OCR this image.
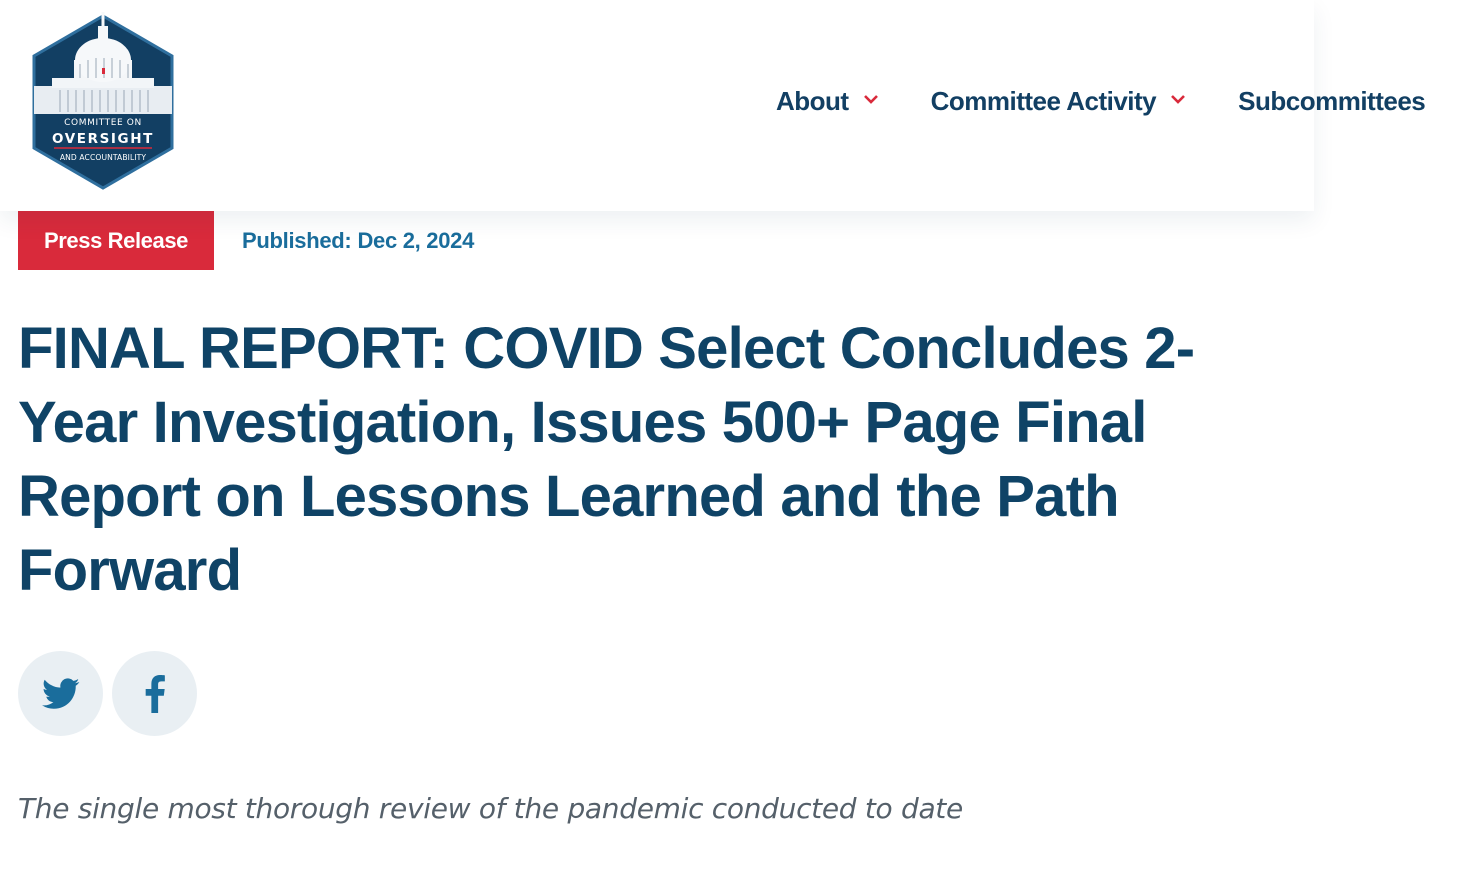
COMMITTEE ON
OVERSIGHT
AND ACCOUNTABILITY
About	Committee Activity	Subcommittees
Press Release	Published: Dec 2, 2024
FINAL REPORT: COVID Select Concludes 2-Year Investigation, Issues 500+ Page Final Report on Lessons Learned and the Path Forward

The single most thorough review of the pandemic conducted to date
